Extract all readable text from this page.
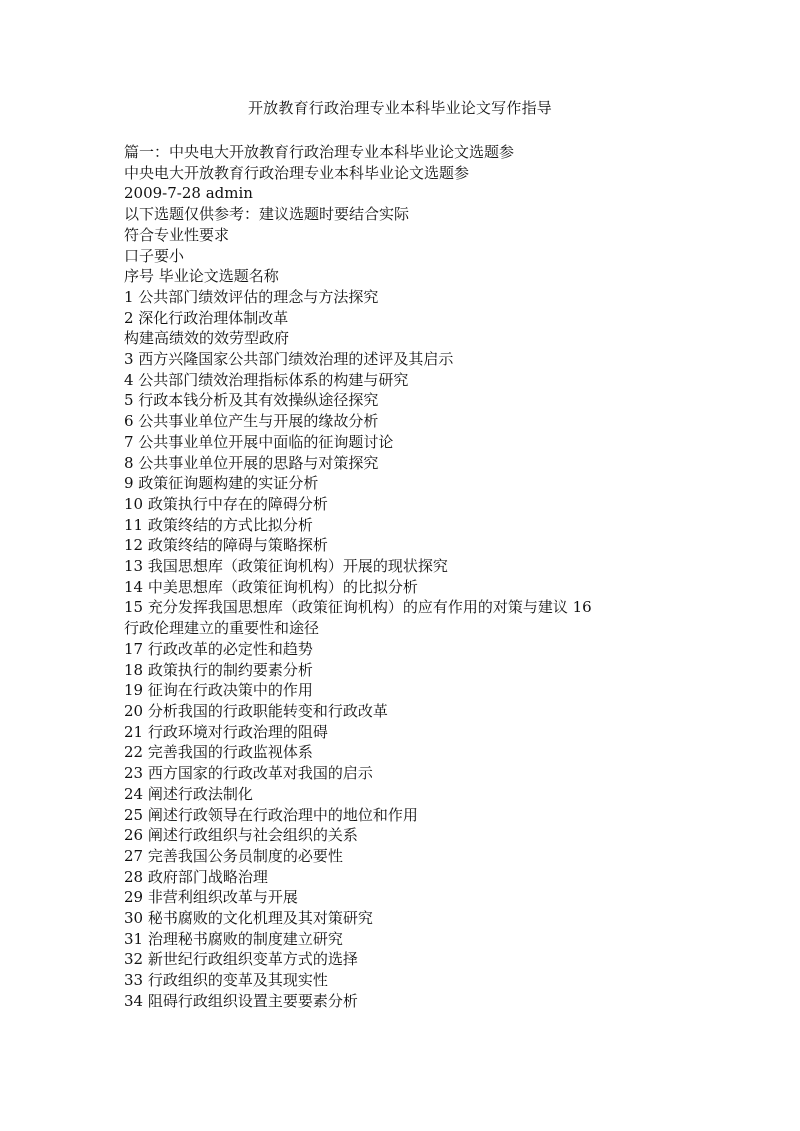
开放教育行政治理专业本科毕业论文写作指导
篇一：中央电大开放教育行政治理专业本科毕业论文选题参
中央电大开放教育行政治理专业本科毕业论文选题参
2009-7-28 admin
以下选题仅供参考：建议选题时要结合实际
符合专业性要求
口子要小
序号 毕业论文选题名称
1 公共部门绩效评估的理念与方法探究
2 深化行政治理体制改革
构建高绩效的效劳型政府
3 西方兴隆国家公共部门绩效治理的述评及其启示
4 公共部门绩效治理指标体系的构建与研究
5 行政本钱分析及其有效操纵途径探究
6 公共事业单位产生与开展的缘故分析
7 公共事业单位开展中面临的征询题讨论
8 公共事业单位开展的思路与对策探究
9 政策征询题构建的实证分析
10 政策执行中存在的障碍分析
11 政策终结的方式比拟分析
12 政策终结的障碍与策略探析
13 我国思想库（政策征询机构）开展的现状探究
14 中美思想库（政策征询机构）的比拟分析
15 充分发挥我国思想库（政策征询机构）的应有作用的对策与建议 16
行政伦理建立的重要性和途径
17 行政改革的必定性和趋势
18 政策执行的制约要素分析
19 征询在行政决策中的作用
20 分析我国的行政职能转变和行政改革
21 行政环境对行政治理的阻碍
22 完善我国的行政监视体系
23 西方国家的行政改革对我国的启示
24 阐述行政法制化
25 阐述行政领导在行政治理中的地位和作用
26 阐述行政组织与社会组织的关系
27 完善我国公务员制度的必要性
28 政府部门战略治理
29 非营利组织改革与开展
30 秘书腐败的文化机理及其对策研究
31 治理秘书腐败的制度建立研究
32 新世纪行政组织变革方式的选择
33 行政组织的变革及其现实性
34 阻碍行政组织设置主要要素分析
